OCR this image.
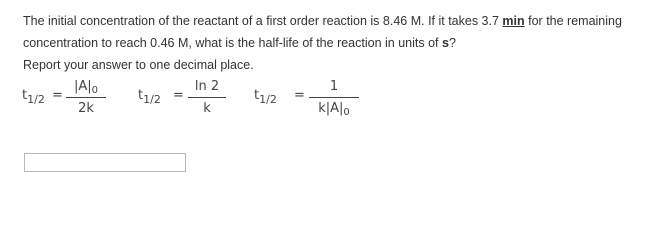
The initial concentration of the reactant of a first order reaction is 8.46 M. If it takes 3.7 min for the remaining

concentration to reach 0.46 M, what is the half-life of the reaction in units of s?

Report your answer to one decimal place.

$t_{1/2}$ =
$|A|_0$
2k
$t_{1/2}$ =
ln 2
k
$t_{1/2}$ =
1
$k|A|_0$
